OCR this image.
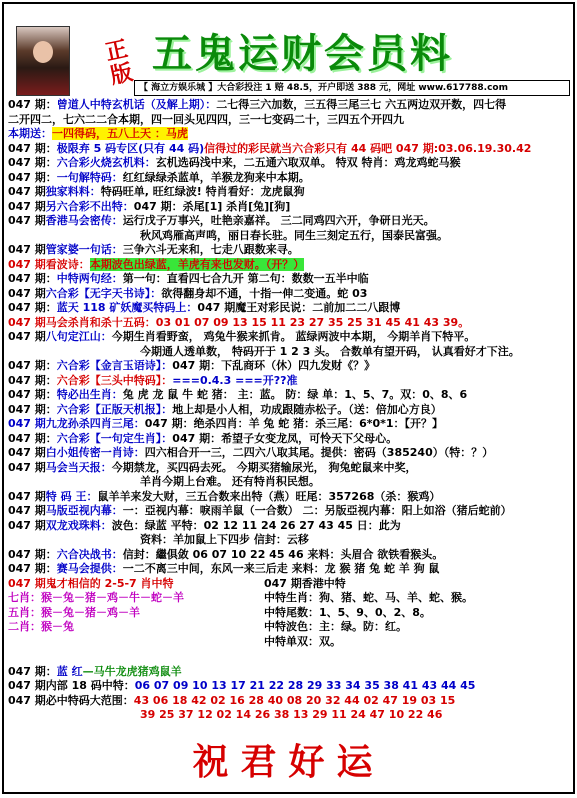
正版 五鬼运财会员料
【 海立方娱乐城 】大合彩投注 1 赔 48.5，开户即送 388 元，网址 www.617788.com
047 期：曾道人中特玄机话（及解上期）：二七得三六加数，三五得三尾三七 六五两边双开数，四七得
二开四二，七六二二合本期，四一回头见四四，三一七变码二十，三四五个开四九
本期送：一四得码，五八上天 ：马虎
047 期：极限弃 5 码专区(只有 44 码)信得过的彩民就当六合彩只有 44 码吧 047 期:03.06.19.30.42
047 期：六合彩火烧玄机料：玄机选码浅中来，二五通六取双单。 特双 特肖：鸡龙鸡蛇马猴
047 期：一句解特码：红红绿绿杀蓝单，羊猴龙狗来中本期。
047 期独家料料：特码旺单, 旺红绿波! 特肖看好：龙虎鼠狗
047 期另六合彩不出特：047 期：杀尾[1] 杀肖[兔][狗]
047 期香港马会密传：运行戊子万事兴，吐艳亲嘉祥。 三二同鸡四六开，争研日光天。
秋风鸡雁高声鸣，丽日春长驻。同生三刻定五行，国泰民富强。
047 期管家婆一句话：三争六斗无来和，七走八跟数来寻。
047 期看波诗：本期波色出绿蓝，羊虎有来也发财。（开？）
047 期：中特两句经：第一句：直看四七合九开 第二句：数数一五半中临
047 期六合彩【无字天书诗】：欲得翻身却不通，十指一伸二变通。蛇 03
047 期：蓝天 118 矿妖魔买特码上：047 期魔王对彩民说：二前加二二八跟博
047 期马会杀肖和杀十五码：03 01 07 09 13 15 11 23 27 35 25 31 45 41 43 39。
047 期八句定江山：今期生肖看野蛮， 鸡兔牛猴来抓肯。 蓝绿两波中本期， 今期羊肖下特平。
今期通人透单数， 特码开于 1 2 3 头。 合数单有望开码， 认真看好才下注。
047 期：六合彩【金言玉语诗】：047 期：下乱商环（休）四九发财《？》
047 期：六合彩【三头中特码】：===0.4.3 ===开??准
047 期：特必出生肖：兔 虎 龙 鼠 牛 蛇 猪： 主：蓝。 防：绿 单：1、5、7。双：0、8、6
047 期：六合彩【正版天机报】：地上却是小人相，功成跟随赤松子。（送：倍加心方良）
047 期九龙孙杀四肖三尾：047 期：绝杀四肖：羊 兔 蛇 猪：杀三尾：6*0*1：【开？】
047 期：六合彩【一句定生肖】：047 期：希望子女变龙凤，可怜天下父母心。
047 期白小姐传密一肖诗：四六相合开一三，二四六八取其尾。提供：密码（385240）（特：？）
047 期马会当天报：今期禁龙，买四码去死。 今期买猪输尿光， 狗兔蛇鼠来中奖，
羊肖今期上台难。 还有特肖积民想。
047 期特 码 王：鼠羊羊来发大财，三五合数来出特（燕）旺尾：357268（杀：猴鸡）
047 期马版亞视内幕：一：亞视内幕：唳雨羊鼠（一合数） 二：另版亞视内幕：阳上如浴（猪后蛇前）
047 期双龙戏珠料：波色：绿蓝 平特：02 12 11 24 26 27 43 45 日：此为
资料：羊加鼠上下四步 信封：云移
047 期：六合决战书：信封：繼俱敛 06 07 10 22 45 46 来料：头眉合 欲铁看猴头。
047 期：赛马会提供：一二不离三中间，东风一来三后走 来料：龙 猴 猪 兔 蛇 羊 狗 鼠
047 期鬼才相信的 2-5-7 肖中特
七肖：猴－兔－猪－鸡－牛－蛇－羊
五肖：猴－兔－猪－鸡－羊
二肖：猴－兔
047 期香港中特
中特生肖：狗、猪、蛇、马、羊、蛇、猴。
中特尾数：1、5、9、0、2、8。
中特波色：主：绿。防：红。
中特单双：双。
047 期：蓝 红—马牛龙虎猪鸡鼠羊
047 期内部 18 码中特：06 07 09 10 13 17 21 22 28 29 33 34 35 38 41 43 44 45
047 期必中特码大范围：43 06 18 42 02 16 28 40 08 20 32 44 02 47 19 03 15
39 25 37 12 02 14 26 38 13 29 11 24 47 10 22 46
祝君好运
